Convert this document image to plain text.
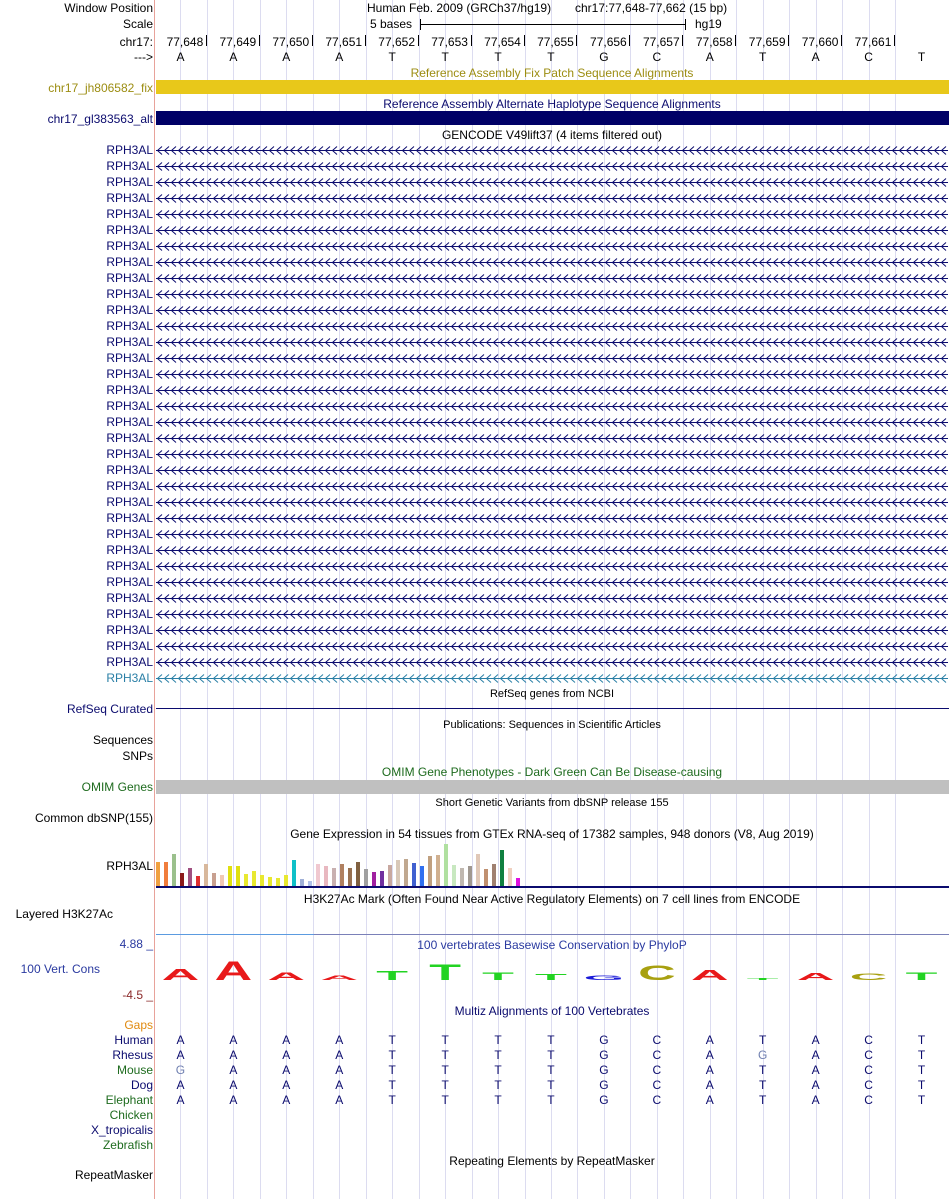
Window Position	Human Feb. 2009 (GRCh37/hg19) chr17:77,648-77,662 (15 bp)
Scale	5 bases	hg19
chr17:
--->
77,648 77,649 77,650 77,651 77,652 77,653 77,654 77,655 77,656 77,657 77,658 77,659 77,660 77,661
A	A	A	A	T	T	T	T	G	C	A	T	A	C	T
Reference Assembly Fix Patch Sequence Alignments
chr17_jh806582_fix
Reference Assembly Alternate Haplotype Sequence Alignments
chr17_gl383563_alt
GENCODE V49lift37 (4 items filtered out)
RPH3AL
RPH3AL
RPH3AL
RPH3AL
RPH3AL
RPH3AL
RPH3AL
RPH3AL
RPH3AL
RPH3AL
RPH3AL
RPH3AL
RPH3AL
RPH3AL
RPH3AL
RPH3AL
RPH3AL
RPH3AL
RPH3AL
RPH3AL
RPH3AL
RPH3AL
RPH3AL
RPH3AL
RPH3AL
RPH3AL
RPH3AL
RPH3AL
RPH3AL
RPH3AL
RPH3AL
RPH3AL
RPH3AL
RPH3AL
RefSeq genes from NCBI
RefSeq Curated
Publications: Sequences in Scientific Articles
Sequences
SNPs
OMIM Gene Phenotypes - Dark Green Can Be Disease-causing
OMIM Genes
Short Genetic Variants from dbSNP release 155
Common dbSNP(155)
Gene Expression in 54 tissues from GTEx RNA-seq of 17382 samples, 948 donors (V8, Aug 2019)
RPH3AL
H3K27Ac Mark (Often Found Near Active Regulatory Elements) on 7 cell lines from ENCODE
Layered H3K27Ac
100 vertebrates Basewise Conservation by PhyloP
4.88 _
100 Vert. Cons
-4.5 _
A A A A T T T T G C A T A C T
Multiz Alignments of 100 Vertebrates
Gaps
Human A	A	A	A	T	T	T	T	G	C	A	T	A	C	T
Rhesus A	A	A	A	T	T	T	T	G	C	A	G	A	C	T
Mouse G	A	A	A	T	T	T	T	G	C	A	T	A	C	T
Dog A	A	A	A	T	T	T	T	G	C	A	T	A	C	T
Elephant A	A	A	A	T	T	T	T	G	C	A	T	A	C	T
Chicken
X_tropicalis
Zebrafish
Repeating Elements by RepeatMasker
RepeatMasker
